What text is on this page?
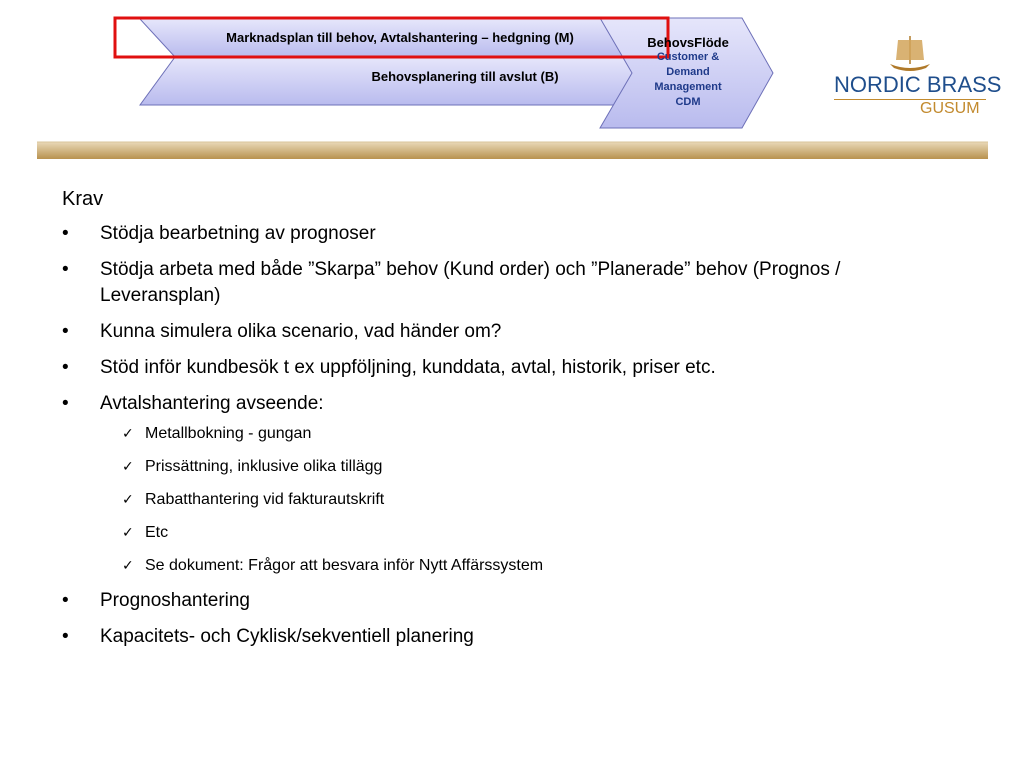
Marknadsplan till behov, Avtalshantering – hedgning (M)
Behovsplanering till avslut (B)
BehovsFlöde
Customer &
Demand
Management
CDM
NORDIC BRASS
GUSUM
Krav
• Stödja bearbetning av prognoser
• Stödja arbeta med både ”Skarpa” behov (Kund order) och ”Planerade” behov (Prognos / Leveransplan)
• Kunna simulera olika scenario, vad händer om?
• Stöd inför kundbesök t ex uppföljning, kunddata, avtal, historik, priser etc.
• Avtalshantering avseende:
✓ Metallbokning - gungan
✓ Prissättning, inklusive olika tillägg
✓ Rabatthantering vid fakturautskrift
✓ Etc
✓ Se dokument: Frågor att besvara inför Nytt Affärssystem
• Prognoshantering
• Kapacitets- och Cyklisk/sekventiell planering
